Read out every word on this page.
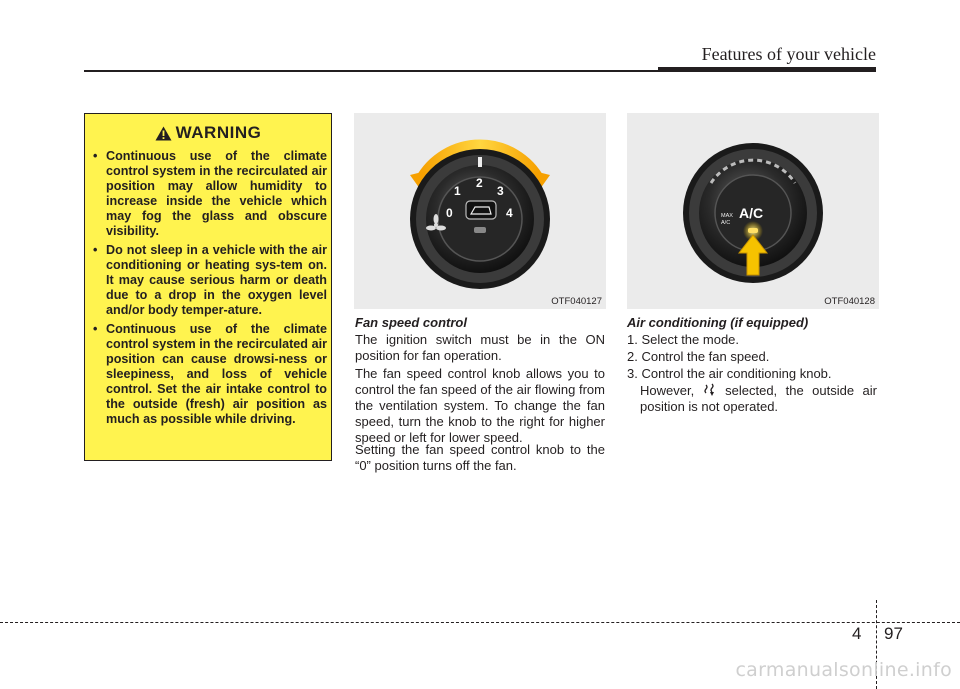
Features of your vehicle
WARNING
• Continuous use of the climate control system in the recirculated air position may allow humidity to increase inside the vehicle which may fog the glass and obscure visibility.
• Do not sleep in a vehicle with the air conditioning or heating sys-tem on. It may cause serious harm or death due to a drop in the oxygen level and/or body temper-ature.
• Continuous use of the climate control system in the recirculated air position can cause drowsi-ness or sleepiness, and loss of vehicle control. Set the air intake control to the outside (fresh) air position as much as possible while driving.
1
2
3
0	4
OTF040127
A/C
MAX
A/C
OTF040128
Fan speed control
The ignition switch must be in the ON position for fan operation.
The fan speed control knob allows you to control the fan speed of the air flowing from the ventilation system. To change the fan speed, turn the knob to the right for higher speed or left for lower speed.
Setting the fan speed control knob to the “0” position turns off the fan.
Air conditioning (if equipped)
1. Select the mode.
2. Control the fan speed.
3. Control the air conditioning knob.
However, selected, the outside air position is not operated.
4 97
carmanualsonline.info
